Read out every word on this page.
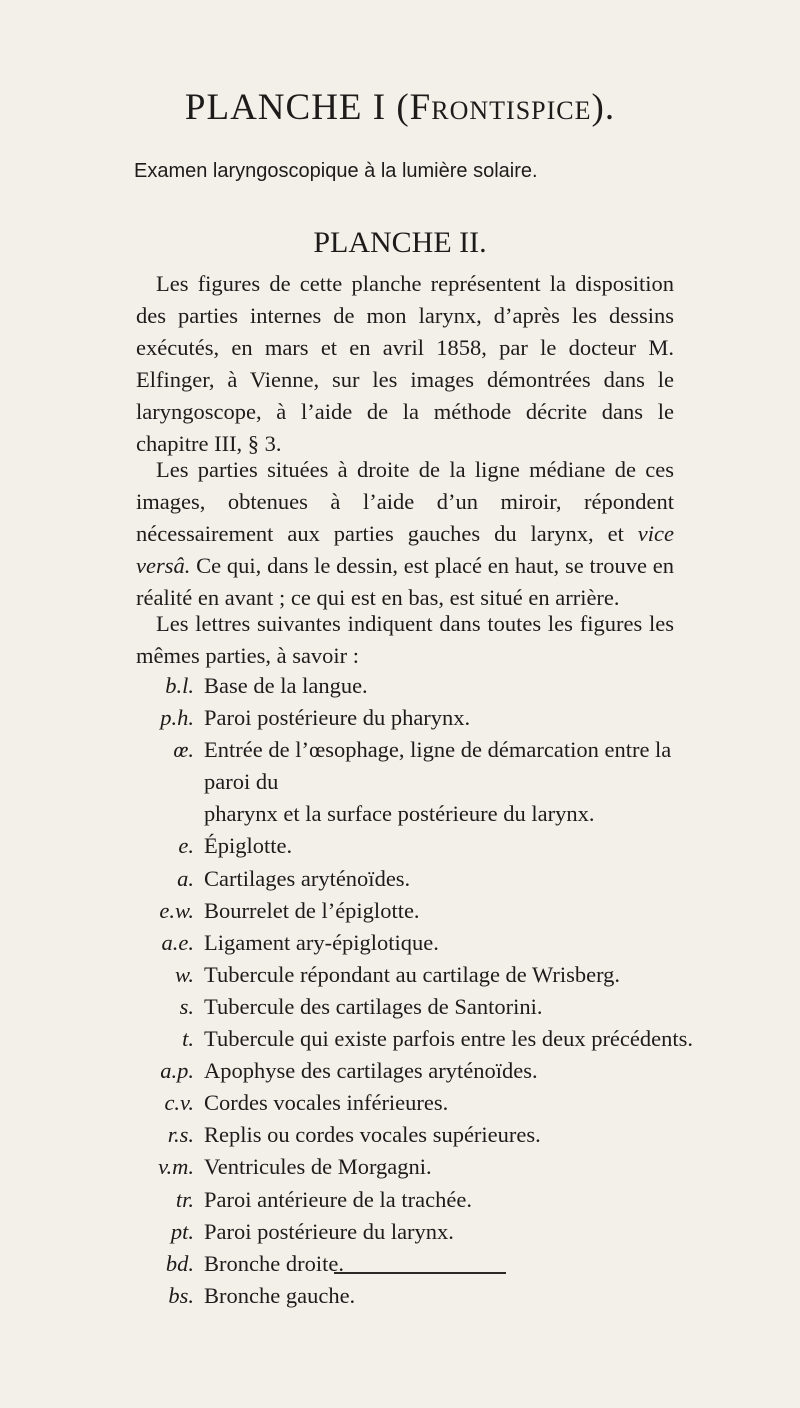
PLANCHE I (Frontispice).

Examen laryngoscopique à la lumière solaire.

PLANCHE II.

Les figures de cette planche représentent la disposition des parties internes de mon larynx, d’après les dessins exécutés, en mars et en avril 1858, par le docteur M. Elfinger, à Vienne, sur les images démontrées dans le laryngoscope, à l’aide de la méthode décrite dans le chapitre III, § 3.

Les parties situées à droite de la ligne médiane de ces images, obtenues à l’aide d’un miroir, répondent nécessairement aux parties gauches du larynx, et vice versâ. Ce qui, dans le dessin, est placé en haut, se trouve en réalité en avant ; ce qui est en bas, est situé en arrière.

Les lettres suivantes indiquent dans toutes les figures les mêmes parties, à savoir :

b.l. Base de la langue.
p.h. Paroi postérieure du pharynx.
œ. Entrée de l’œsophage, ligne de démarcation entre la paroi du
pharynx et la surface postérieure du larynx.
e. Épiglotte.
a. Cartilages aryténoïdes.
e.w. Bourrelet de l’épiglotte.
a.e. Ligament ary-épiglotique.
w. Tubercule répondant au cartilage de Wrisberg.
s. Tubercule des cartilages de Santorini.
t. Tubercule qui existe parfois entre les deux précédents.
a.p. Apophyse des cartilages aryténoïdes.
c.v. Cordes vocales inférieures.
r.s. Replis ou cordes vocales supérieures.
v.m. Ventricules de Morgagni.
tr. Paroi antérieure de la trachée.
pt. Paroi postérieure du larynx.
bd. Bronche droite.
bs. Bronche gauche.
